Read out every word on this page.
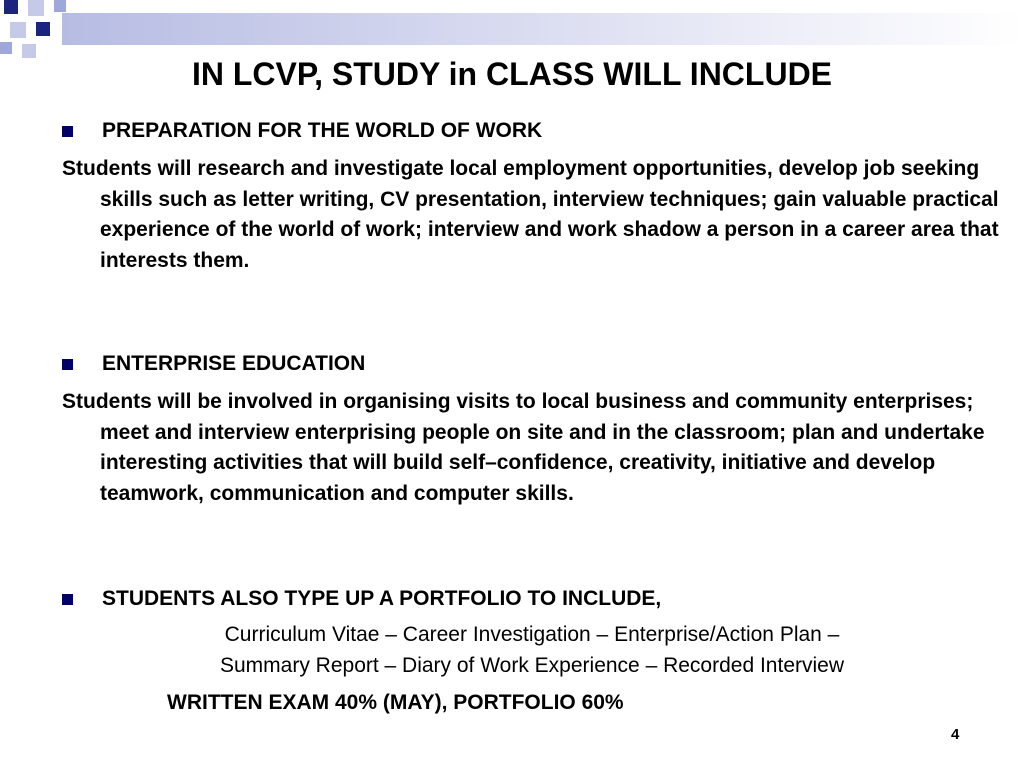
IN LCVP, STUDY in CLASS WILL INCLUDE
PREPARATION FOR THE WORLD OF WORK
Students will research and investigate local employment opportunities, develop job seeking skills such as letter writing, CV presentation, interview techniques; gain valuable practical experience of the world of work; interview and work shadow a person in a career area that interests them.
ENTERPRISE EDUCATION
Students will be involved in organising visits to local business and community enterprises; meet and interview enterprising people on site and in the classroom; plan and undertake interesting activities that will build self–confidence, creativity, initiative and develop teamwork, communication and computer skills.
STUDENTS ALSO TYPE UP A PORTFOLIO TO INCLUDE,
Curriculum Vitae – Career Investigation – Enterprise/Action Plan –
Summary Report – Diary of Work Experience – Recorded Interview
WRITTEN EXAM 40% (MAY), PORTFOLIO 60%
4
